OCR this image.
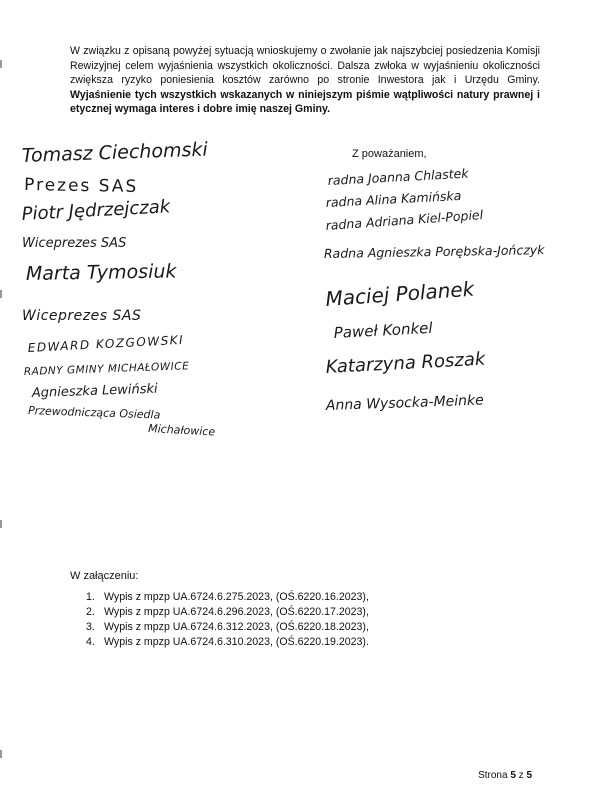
W związku z opisaną powyżej sytuacją wnioskujemy o zwołanie jak najszybciej posiedzenia Komisji Rewizyjnej celem wyjaśnienia wszystkich okoliczności. Dalsza zwłoka w wyjaśnieniu okoliczności zwiększa ryzyko poniesienia kosztów zarówno po stronie Inwestora jak i Urzędu Gminy. Wyjaśnienie tych wszystkich wskazanych w niniejszym piśmie wątpliwości natury prawnej i etycznej wymaga interes i dobre imię naszej Gminy.
Z poważaniem,
Tomasz Ciechomski
Prezes SAS
Piotr Jędrzejczak
Wiceprezes SAS
Marta Tymosiuk
Wiceprezes SAS
EDWARD KOZGOWSKI
RADNY GMINY MICHAŁOWICE
Agnieszka Lewiński
Przewodnicząca Osiedla
Michałowice
radna Joanna Chlastek
radna Alina Kamińska
radna Adriana Kiel-Popiel
Radna Agnieszka Porębska-Jończyk
Maciej Polanek
Paweł Konkel
Katarzyna Roszak
Anna Wysocka-Meinke
W załączeniu:
1. Wypis z mpzp UA.6724.6.275.2023, (OŚ.6220.16.2023),
2. Wypis z mpzp UA.6724.6.296.2023, (OŚ.6220.17.2023),
3. Wypis z mpzp UA.6724.6.312.2023, (OŚ.6220.18.2023),
4. Wypis z mpzp UA.6724.6.310.2023, (OŚ.6220.19.2023).
Strona 5 z 5
